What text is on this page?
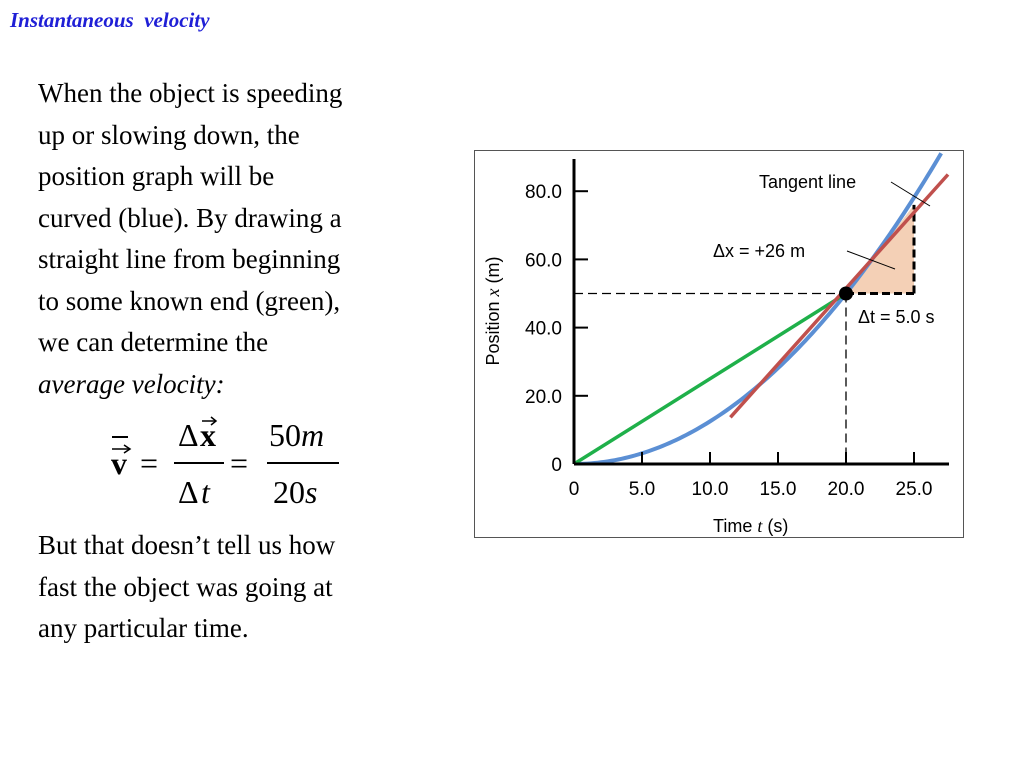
Instantaneous  velocity

When the object is speeding

up or slowing down, the

position graph will be

curved (blue). By drawing a

straight line from beginning

to some known end (green),

we can determine the

average velocity:

v =
Δ x
Δ t
=
50 m
20 s
But that doesn’t tell us how
fast the object was going at
any particular time.
0	5.0 10.0 15.0 20.0 25.0
0
20.0
40.0
60.0
80.0
Time t (s)
Position x (m)
Tangent line
Δx = +26 m
Δt = 5.0 s
